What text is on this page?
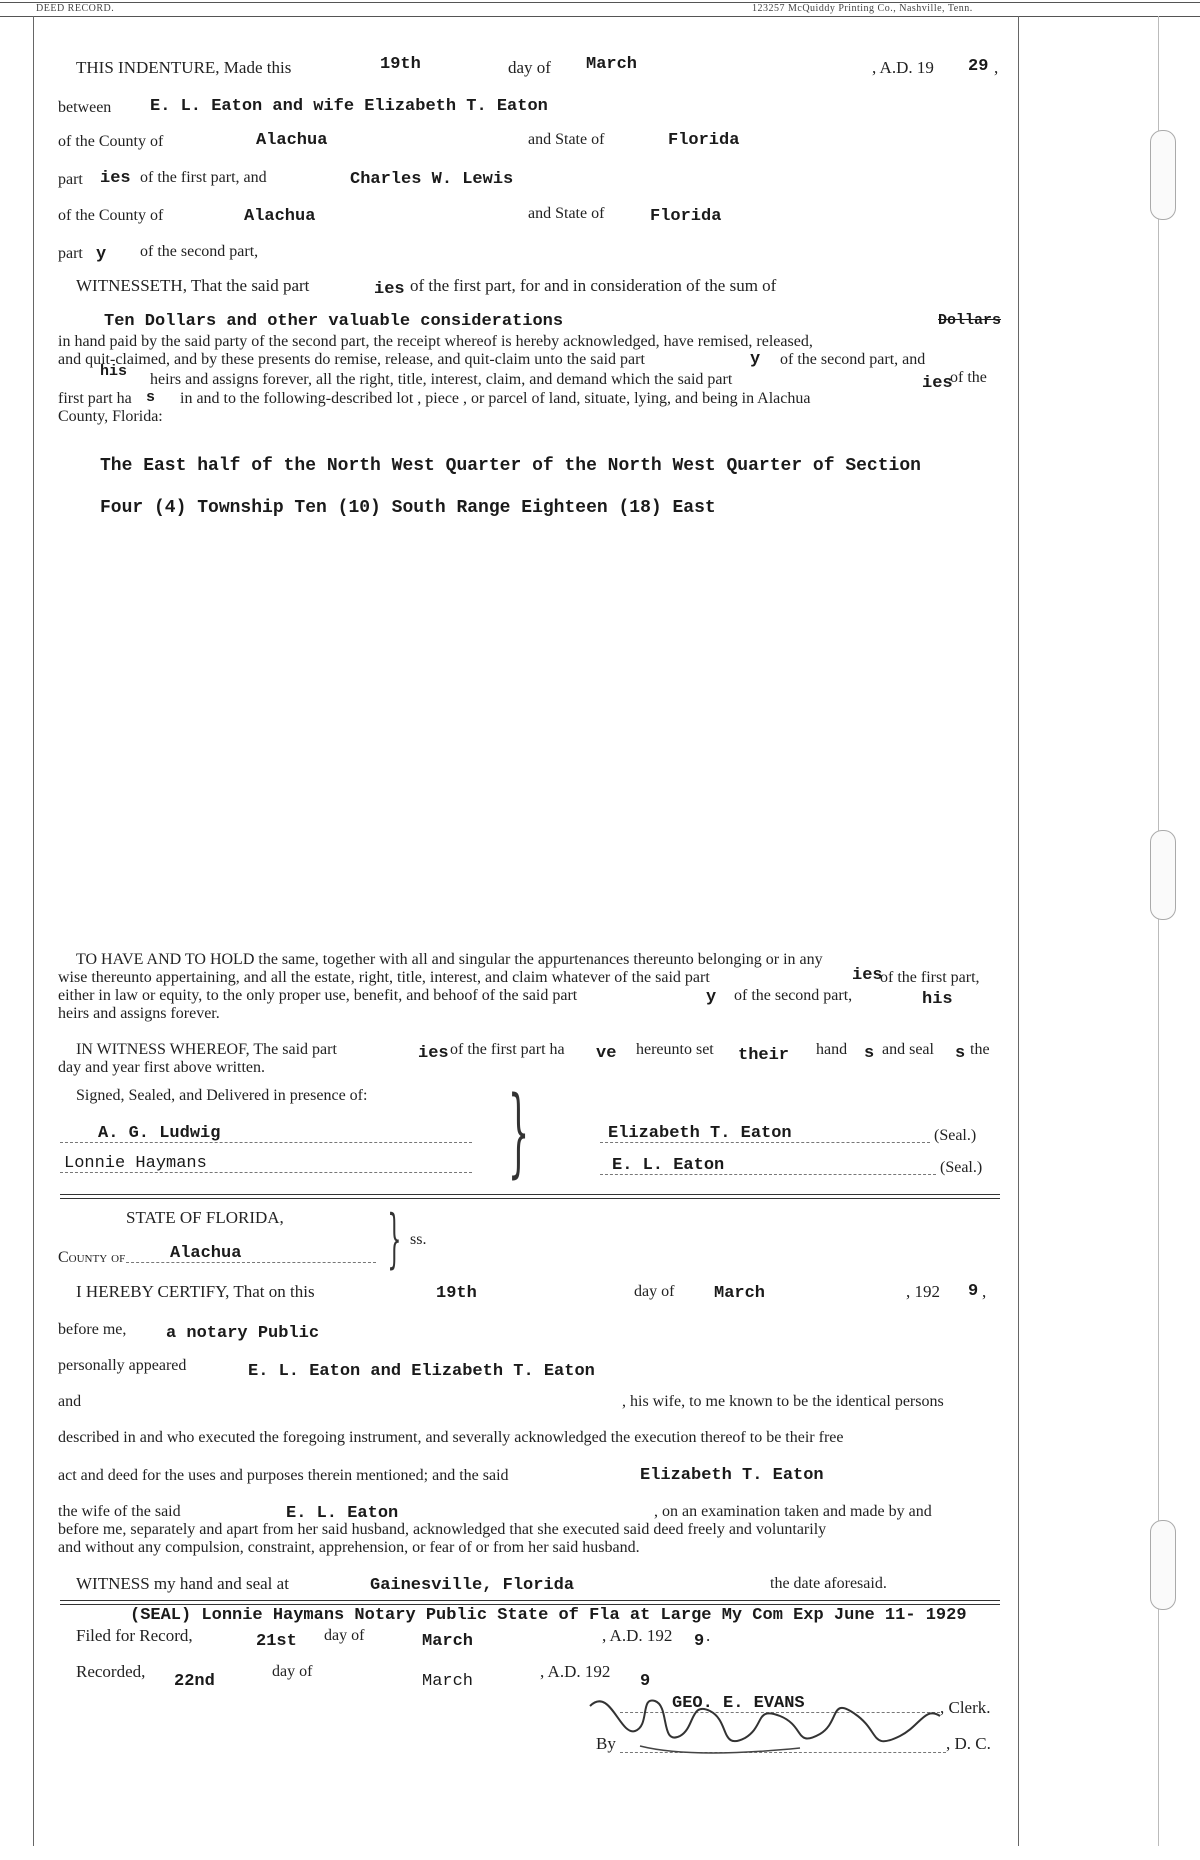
DEED RECORD.	123257 McQuiddy Printing Co., Nashville, Tenn.
THIS INDENTURE, Made this	19th	day of March	, A.D. 19 29 ,
between E. L. Eaton and wife Elizabeth T. Eaton
of the County of	Alachua	and State of	Florida
part ies of the first part, and	Charles W. Lewis
of the County of	Alachua	and State of	Florida
part y of the second part,
WITNESSETH, That the said part	ies of the first part, for and in consideration of the sum of
Ten Dollars and other valuable considerations	Dollars
in hand paid by the said party of the second part, the receipt whereof is hereby acknowledged, have remised, released,
and quit-claimed, and by these presents do remise, release, and quit-claim unto the said part	y of the second part, and
his heirs and assigns forever, all the right, title, interest, claim, and demand which the said part	ies
of the
first part ha s in and to the following-described lot , piece , or parcel of land, situate, lying, and being in Alachua
County, Florida:
The East half of the North West Quarter of the North West Quarter of Section
Four (4) Township Ten (10) South Range Eighteen (18) East
TO HAVE AND TO HOLD the same, together with all and singular the appurtenances thereunto belonging or in any
wise thereunto appertaining, and all the estate, right, title, interest, and claim whatever of the said part	ies
of the first part,
either in law or equity, to the only proper use, benefit, and behoof of the said part	y of the second part,	his
heirs and assigns forever.
IN WITNESS WHEREOF, The said part	ies of the first part ha ve hereunto set their hand s and seal s the
day and year first above written.
Signed, Sealed, and Delivered in presence of: }
A. G. Ludwig
Lonnie Haymans
Elizabeth T. Eaton	(Seal.)
E. L. Eaton	(Seal.)
STATE OF FLORIDA, } ss.
County of	Alachua
I HEREBY CERTIFY, That on this	19th	day of March	, 192 9 ,
before me, a notary Public
personally appeared	E. L. Eaton and Elizabeth T. Eaton
and	, his wife, to me known to be the identical persons
described in and who executed the foregoing instrument, and severally acknowledged the execution thereof to be their free
act and deed for the uses and purposes therein mentioned; and the said	Elizabeth T. Eaton
the wife of the said	E. L. Eaton	, on an examination taken and made by and
before me, separately and apart from her said husband, acknowledged that she executed said deed freely and voluntarily
and without any compulsion, constraint, apprehension, or fear of or from her said husband.
WITNESS my hand and seal at	Gainesville, Florida	the date aforesaid.
(SEAL) Lonnie Haymans Notary Public State of Fla at Large My Com Exp June 11- 1929
Filed for Record,	21st day of	March	, A.D. 192 9 .
Recorded,
22nd
day of
March
, A.D. 192
9
GEO. E. EVANS	, Clerk.
By	, D. C.
